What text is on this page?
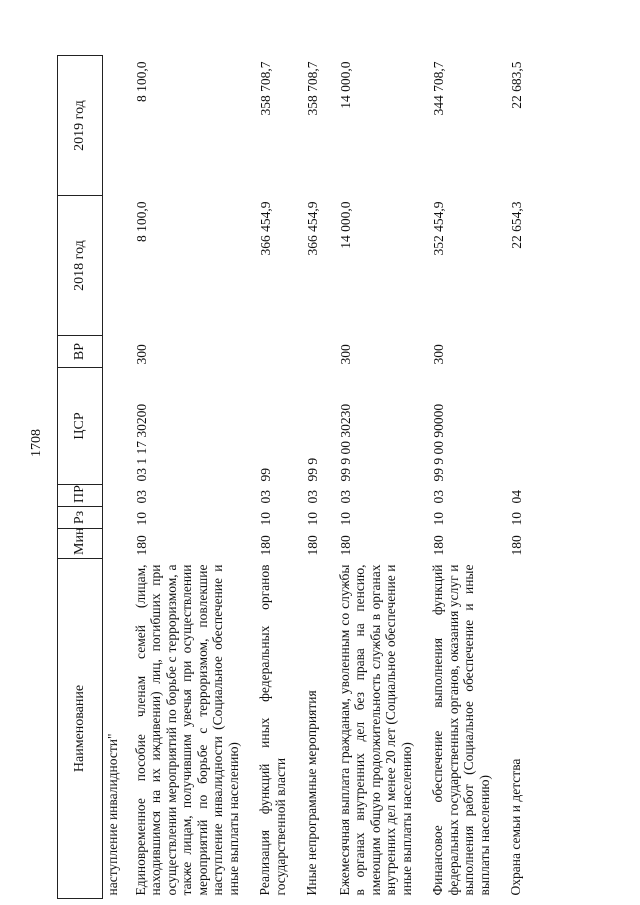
1708
Наименование	Мин	Рз	ПР	ЦСР	ВР	2018 год	2019 год
наступление инвалидности"							
Единовременное пособие членам семей (лицам, находившимся на их иждивении) лиц, погибших при осуществлении мероприятий по борьбе с терроризмом, а также лицам, получившим увечья при осуществлении мероприятий по борьбе с терроризмом, повлекшие наступление инвалидности (Социальное обеспечение и иные выплаты населению)	180	10	03	03 1 17 30200	300	8 100,0	8 100,0
Реализация функций иных федеральных органов государственной власти	180	10	03	99		366 454,9	358 708,7
Иные непрограммные мероприятия	180	10	03	99 9		366 454,9	358 708,7
Ежемесячная выплата гражданам, уволенным со службы в органах внутренних дел без права на пенсию, имеющим общую продолжительность службы в органах внутренних дел менее 20 лет (Социальное обеспечение и иные выплаты населению)	180	10	03	99 9 00 30230	300	14 000,0	14 000,0
Финансовое обеспечение выполнения функций федеральных государственных органов, оказания услуг и выполнения работ (Социальное обеспечение и иные выплаты населению)	180	10	03	99 9 00 90000	300	352 454,9	344 708,7
Охрана семьи и детства	180	10	04			22 654,3	22 683,5
